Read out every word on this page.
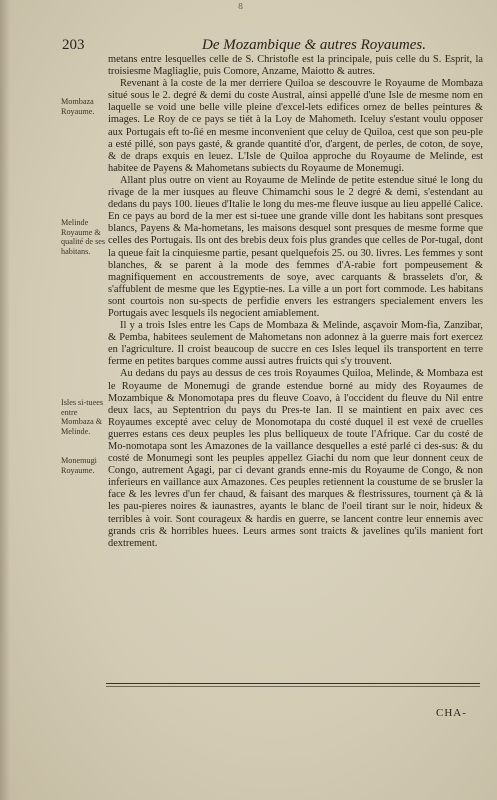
8
203	De Mozambique & autres Royaumes.
Mombaza Royaume.
Melinde Royaume & qualité de ses habitans.
Isles si-tuees entre Mombaza & Melinde.
Monemugi Royaume.

metans entre lesquelles celle de S. Christofle est la principale, puis celle du S. Esprit, la troisiesme Magliaglie, puis Comore, Anzame, Maiotto & autres.

Revenant à la coste de la mer derriere Quiloa se descouvre le Royaume de Mombaza situé sous le 2. degré & demi du coste Austral, ainsi appellé d'une Isle de mesme nom en laquelle se void une belle ville pleine d'excel-lets edifices ornez de belles peintures & images. Le Roy de ce pays se tiét à la Loy de Mahometh. Iceluy s'estant voulu opposer aux Portugais eft to-ſié en mesme inconvenient que celuy de Quiloa, cest que son peu-ple a esté pillé, son pays gasté, & grande quantité d'or, d'argent, de perles, de coton, de soye, & de draps exquis en leuez. L'Isle de Quiloa approche du Royaume de Melinde, est habitee de Payens & Mahometans subiects du Royaume de Monemugi.

Allant plus outre on vient au Royaume de Melinde de petite estendue situé le long du rivage de la mer iusques au fleuve Chimamchi sous le 2 degré & demi, s'estendant au dedans du pays 100. lieues d'Italie le long du mes-me fleuve iusque au lieu appellé Calice. En ce pays au bord de la mer est si-tuee une grande ville dont les habitans sont presques blancs, Payens & Ma-hometans, les maisons desquel sont presques de mesme forme que celles des Portugais. Ils ont des brebis deux fois plus grandes que celles de Por-tugal, dont la queue fait la cinquiesme partie, pesant quelquefois 25. ou 30. livres. Les femmes y sont blanches, & se parent à la mode des femmes d'A-rabie fort pompeusement & magnifiquement en accoustrements de soye, avec carquants & brasselets d'or, & s'affublent de mesme que les Egyptie-nes. La ville a un port fort commode. Les habitans sont courtois non su-spects de perfidie envers les estrangers specialement envers les Portugais avec lesquels ils negocient amiablement.

Il y a trois Isles entre les Caps de Mombaza & Melinde, asçavoir Mom-fia, Zanzibar, & Pemba, habitees seulement de Mahometans non adonnez à la guerre mais fort exercez en l'agriculture. Il croist beaucoup de succre en ces Isles lequel ils transportent en terre ferme en petites barques comme aussi autres fruicts qui s'y trouvent.

Au dedans du pays au dessus de ces trois Royaumes Quiloa, Melinde, & Mombaza est le Royaume de Monemugi de grande estendue borné au midy des Royaumes de Mozambique & Monomotapa pres du fleuve Coavo, à l'occident du fleuve du Nil entre deux lacs, au Septentrion du pays du Pres-te Ian. Il se maintient en paix avec ces Royaumes excepté avec celuy de Monomotapa du costé duquel il est vexé de cruelles guerres estans ces deux peuples les plus belliqueux de toute l'Afrique. Car du costé de Mo-nomotapa sont les Amazones de la vaillance desquelles a esté parlé ci des-sus: & du costé de Monumegi sont les peuples appellez Giachi du nom que leur donnent ceux de Congo, autrement Agagi, par ci devant grands enne-mis du Royaume de Congo, & non inferieurs en vaillance aux Amazones. Ces peuples retiennent la coustume de se brusler la face & les levres d'un fer chaud, & faisant des marques & flestrissures, tournent çà & là les pau-pieres noires & iaunastres, ayants le blanc de l'oeil tirant sur le noir, hideux & terribles à voir. Sont courageux & hardis en guerre, se lancent contre leur ennemis avec grands cris & horribles huees. Leurs armes sont traicts & javelines qu'ils manient fort dextrement.

CHA-
